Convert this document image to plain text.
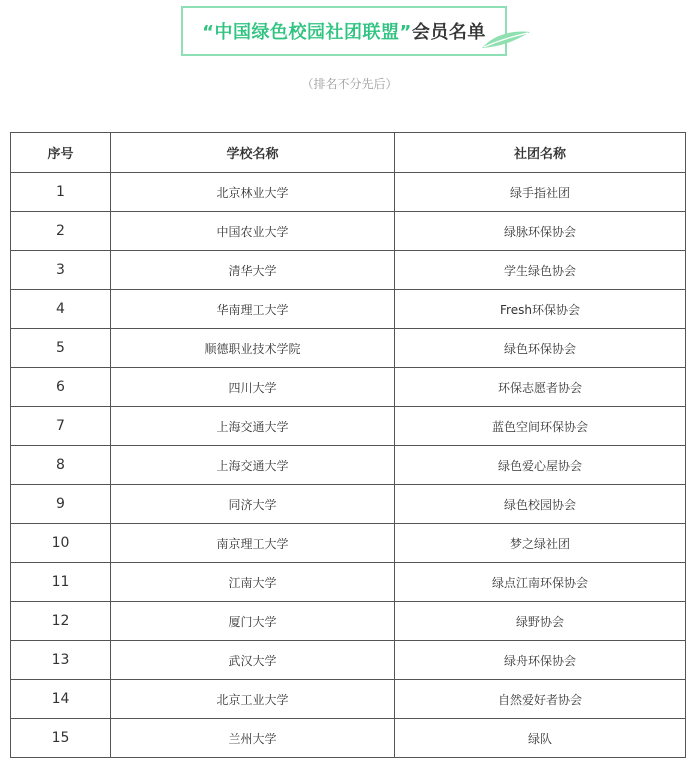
“中国绿色校园社团联盟”会员名单
（排名不分先后）
序号	学校名称	社团名称
1	北京林业大学	绿手指社团
2	中国农业大学	绿脉环保协会
3	清华大学	学生绿色协会
4	华南理工大学	Fresh环保协会
5	顺德职业技术学院	绿色环保协会
6	四川大学	环保志愿者协会
7	上海交通大学	蓝色空间环保协会
8	上海交通大学	绿色爱心屋协会
9	同济大学	绿色校园协会
10	南京理工大学	梦之绿社团
11	江南大学	绿点江南环保协会
12	厦门大学	绿野协会
13	武汉大学	绿舟环保协会
14	北京工业大学	自然爱好者协会
15	兰州大学	绿队
